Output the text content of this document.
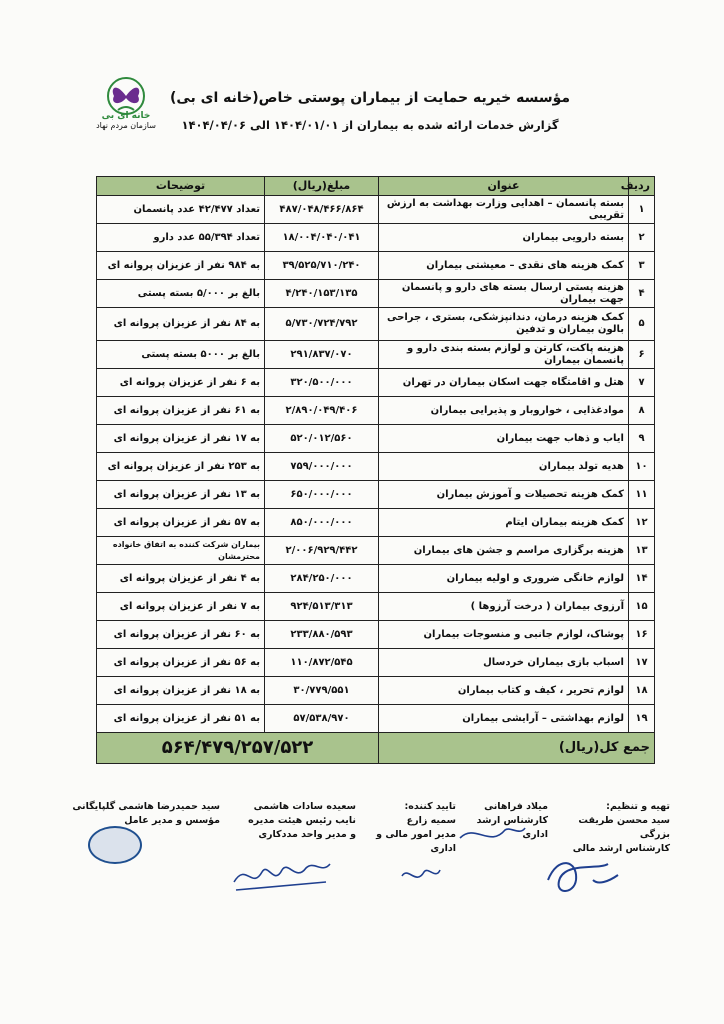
خانه ای بی
سازمان مردم نهاد
مؤسسه خیریه حمایت از بیماران پوستی خاص(خانه ای بی)
گزارش خدمات ارائه شده به بیماران از ۱۴۰۴/۰۱/۰۱ الی ۱۴۰۴/۰۴/۰۶
ردیف	عنوان	مبلغ(ریال)	توضیحات
۱	بسته پانسمان – اهدایی وزارت بهداشت به ارزش تقریبی	۴۸۷/۰۴۸/۴۶۶/۸۶۴	تعداد ۴۲/۴۷۷ عدد پانسمان
۲	بسته دارویی بیماران	۱۸/۰۰۴/۰۴۰/۰۴۱	تعداد ۵۵/۳۹۴ عدد دارو
۳	کمک هزینه های نقدی – معیشتی بیماران	۳۹/۵۲۵/۷۱۰/۲۴۰	به ۹۸۴ نفر از عزیزان پروانه ای
۴	هزینه پستی ارسال بسته های دارو و پانسمان جهت بیماران	۴/۲۴۰/۱۵۳/۱۳۵	بالغ بر ۵/۰۰۰ بسته پستی
۵	کمک هزینه درمان، دندانپزشکی، بستری ، جراحی بالون بیماران و تدفین	۵/۷۳۰/۷۲۴/۷۹۲	به ۸۴ نفر از عزیزان پروانه ای
۶	هزینه پاکت، کارتن و لوازم بسته بندی دارو و پانسمان بیماران	۲۹۱/۸۳۷/۰۷۰	بالغ بر ۵۰۰۰ بسته پستی
۷	هتل و اقامتگاه جهت اسکان بیماران در تهران	۳۲۰/۵۰۰/۰۰۰	به ۶ نفر از عزیزان پروانه ای
۸	موادغذایی ، خوارو‌بار و پذیرایی بیماران	۲/۸۹۰/۰۴۹/۴۰۶	به ۶۱ نفر از عزیزان پروانه ای
۹	ایاب و ذهاب جهت بیماران	۵۲۰/۰۱۲/۵۶۰	به ۱۷ نفر از عزیزان پروانه ای
۱۰	هدیه تولد بیماران	۷۵۹/۰۰۰/۰۰۰	به ۲۵۳ نفر از عزیزان پروانه ای
۱۱	کمک هزینه تحصیلات و آموزش بیماران	۶۵۰/۰۰۰/۰۰۰	به ۱۳ نفر از عزیزان پروانه ای
۱۲	کمک هزینه بیماران ایتام	۸۵۰/۰۰۰/۰۰۰	به ۵۷ نفر از عزیزان پروانه ای
۱۳	هزینه برگزاری مراسم و جشن های بیماران	۲/۰۰۶/۹۲۹/۴۴۲	بیماران شرکت کننده به اتفاق خانواده محترمشان
۱۴	لوازم خانگی ضروری و اولیه بیماران	۲۸۴/۲۵۰/۰۰۰	به ۴ نفر از عزیزان پروانه ای
۱۵	آرزوی بیماران ( درخت آرزوها )	۹۲۴/۵۱۳/۳۱۳	به ۷ نفر از عزیزان پروانه ای
۱۶	پوشاک، لوازم جانبی و منسوجات بیماران	۲۳۳/۸۸۰/۵۹۳	به ۶۰ نفر از عزیزان پروانه ای
۱۷	اسباب بازی بیماران خردسال	۱۱۰/۸۷۲/۵۴۵	به ۵۶ نفر از عزیزان پروانه ای
۱۸	لوازم تحریر ، کیف و کتاب بیماران	۳۰/۷۷۹/۵۵۱	به ۱۸ نفر از عزیزان پروانه ای
۱۹	لوازم بهداشتی – آرایشی بیماران	۵۷/۵۳۸/۹۷۰	به ۵۱ نفر از عزیزان پروانه ای
جمع کل(ریال)		۵۶۴/۴۷۹/۲۵۷/۵۲۲	
تهیه و تنظیم:
سید محسن طریقت بزرگی
کارشناس ارشد مالی
میلاد فراهانی
کارشناس ارشد اداری
تایید کننده:
سمیه زارع
مدیر امور مالی و اداری
سعیده سادات هاشمی
نایب رئیس هیئت مدیره
و مدیر واحد مددکاری
سید حمیدرضا هاشمی گلپایگانی
مؤسس و مدیر عامل
